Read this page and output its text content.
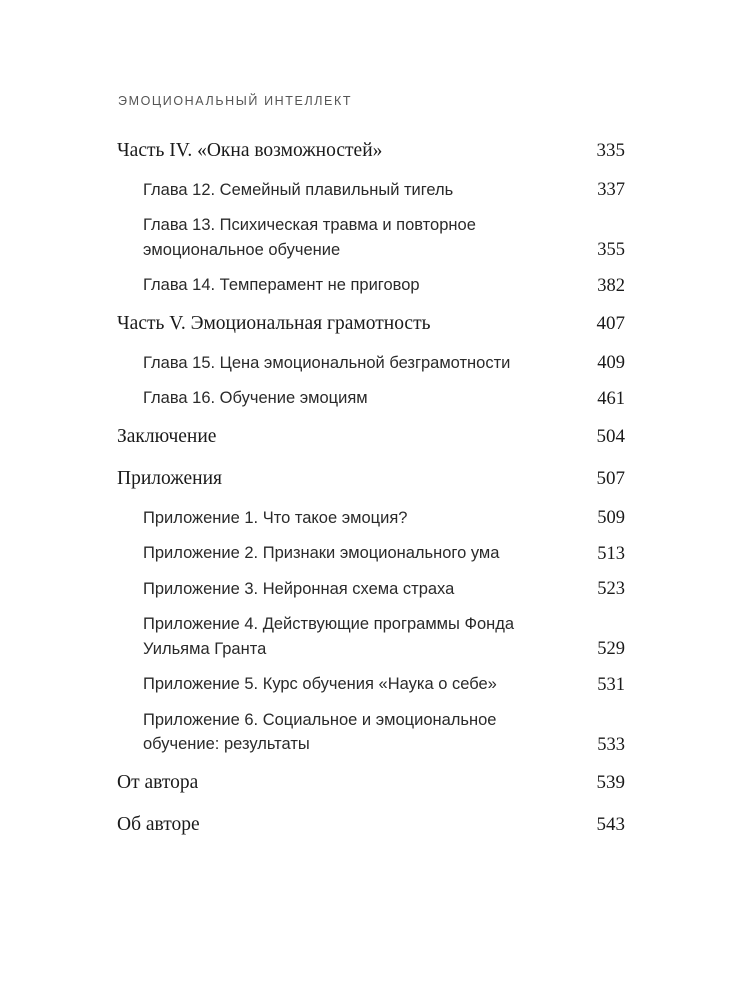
ЭМОЦИОНАЛЬНЫЙ ИНТЕЛЛЕКТ
Часть IV. «Окна возможностей»	335
Глава 12. Семейный плавильный тигель	337
Глава 13. Психическая травма и повторное эмоциональное обучение	355
Глава 14. Темперамент не приговор	382
Часть V. Эмоциональная грамотность	407
Глава 15. Цена эмоциональной безграмотности	409
Глава 16. Обучение эмоциям	461
Заключение	504
Приложения	507
Приложение 1. Что такое эмоция?	509
Приложение 2. Признаки эмоционального ума	513
Приложение 3. Нейронная схема страха	523
Приложение 4. Действующие программы Фонда Уильяма Гранта	529
Приложение 5. Курс обучения «Наука о себе»	531
Приложение 6. Социальное и эмоциональное обучение: результаты	533
От автора	539
Об авторе	543
